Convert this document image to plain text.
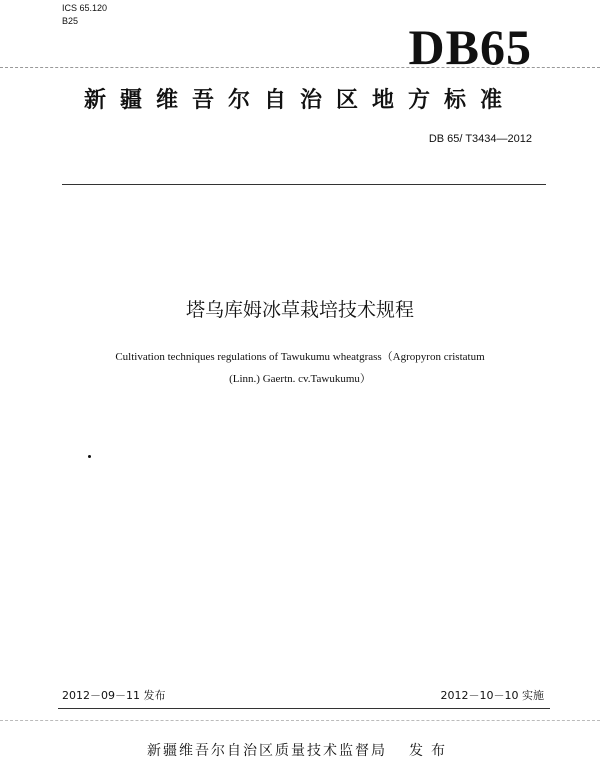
ICS 65.120
B25	DB65
新疆维吾尔自治区地方标准
DB 65/ T3434—2012
塔乌库姆冰草栽培技术规程
Cultivation techniques regulations of Tawukumu wheatgrass（Agropyron cristatum
(Linn.) Gaertn. cv.Tawukumu）
2012－09－11 发布	2012－10－10 实施
新疆维吾尔自治区质量技术监督局 发布
